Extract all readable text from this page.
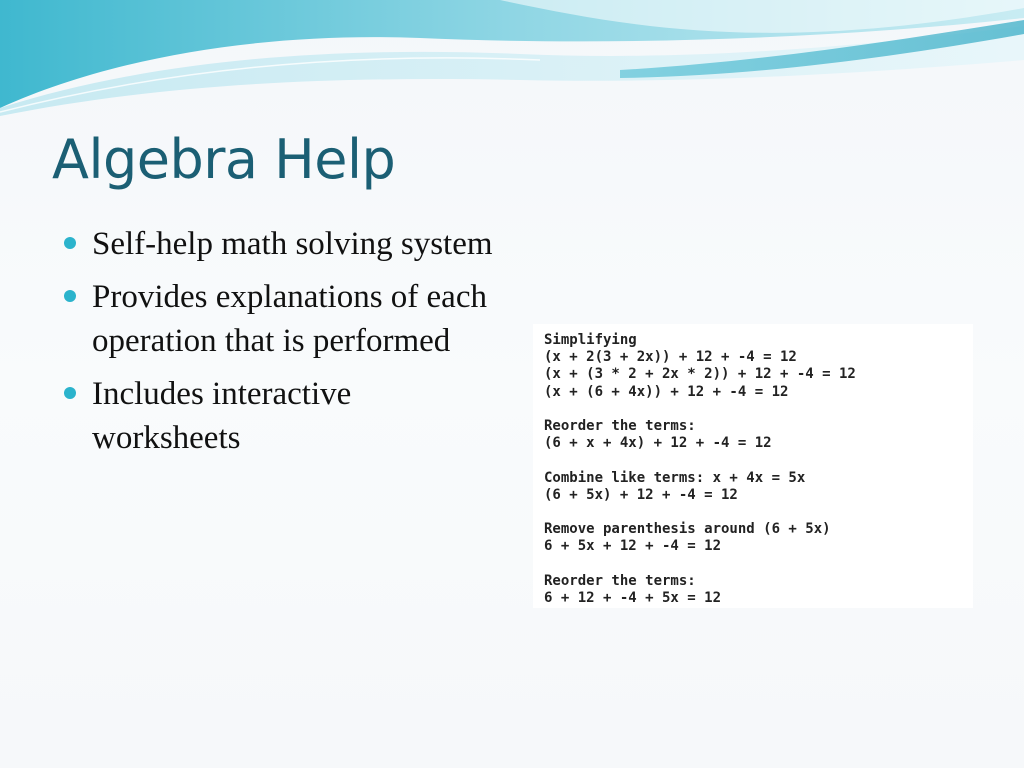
Algebra Help
Self-help math solving system
Provides explanations of each operation that is performed
Includes interactive worksheets
Simplifying
(x + 2(3 + 2x)) + 12 + -4 = 12
(x + (3 * 2 + 2x * 2)) + 12 + -4 = 12
(x + (6 + 4x)) + 12 + -4 = 12
Reorder the terms:
(6 + x + 4x) + 12 + -4 = 12
Combine like terms: x + 4x = 5x
(6 + 5x) + 12 + -4 = 12
Remove parenthesis around (6 + 5x)
6 + 5x + 12 + -4 = 12
Reorder the terms:
6 + 12 + -4 + 5x = 12
